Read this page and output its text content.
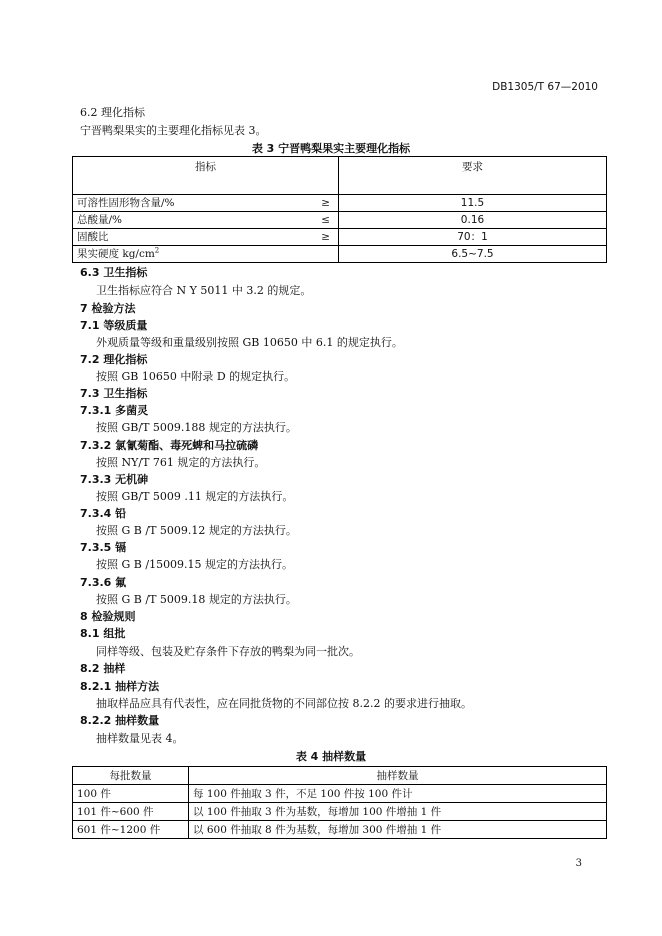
DB1305/T 67—2010
6.2 理化指标
宁晋鸭梨果实的主要理化指标见表 3。
表 3 宁晋鸭梨果实主要理化指标
指标	要求
可溶性固形物含量/% ≥	11.5
总酸量/% ≤	0.16
固酸比 ≥	70：1
果实硬度 $kg/cm^2$	6.5~7.5
6.3 卫生指标
卫生指标应符合 N Y 5011 中 3.2 的规定。
7 检验方法
7.1 等级质量
外观质量等级和重量级别按照 GB 10650 中 6.1 的规定执行。
7.2 理化指标
按照 GB 10650 中附录 D 的规定执行。
7.3 卫生指标
7.3.1 多菌灵
按照 GB/T 5009.188 规定的方法执行。
7.3.2 氯氰菊酯、毒死蜱和马拉硫磷
按照 NY/T 761 规定的方法执行。
7.3.3 无机砷
按照 GB/T 5009 .11 规定的方法执行。
7.3.4 铅
按照 G B /T 5009.12 规定的方法执行。
7.3.5 镉
按照 G B /15009.15 规定的方法执行。
7.3.6 氟
按照 G B /T 5009.18 规定的方法执行。
8 检验规则
8.1 组批
同样等级、包装及贮存条件下存放的鸭梨为同一批次。
8.2 抽样
8.2.1 抽样方法
抽取样品应具有代表性，应在同批货物的不同部位按 8.2.2 的要求进行抽取。
8.2.2 抽样数量
抽样数量见表 4。
表 4 抽样数量
每批数量	抽样数量
100 件	每 100 件抽取 3 件，不足 100 件按 100 件计
101 件~600 件	以 100 件抽取 3 件为基数，每增加 100 件增抽 1 件
601 件~1200 件	以 600 件抽取 8 件为基数，每增加 300 件增抽 1 件
3
